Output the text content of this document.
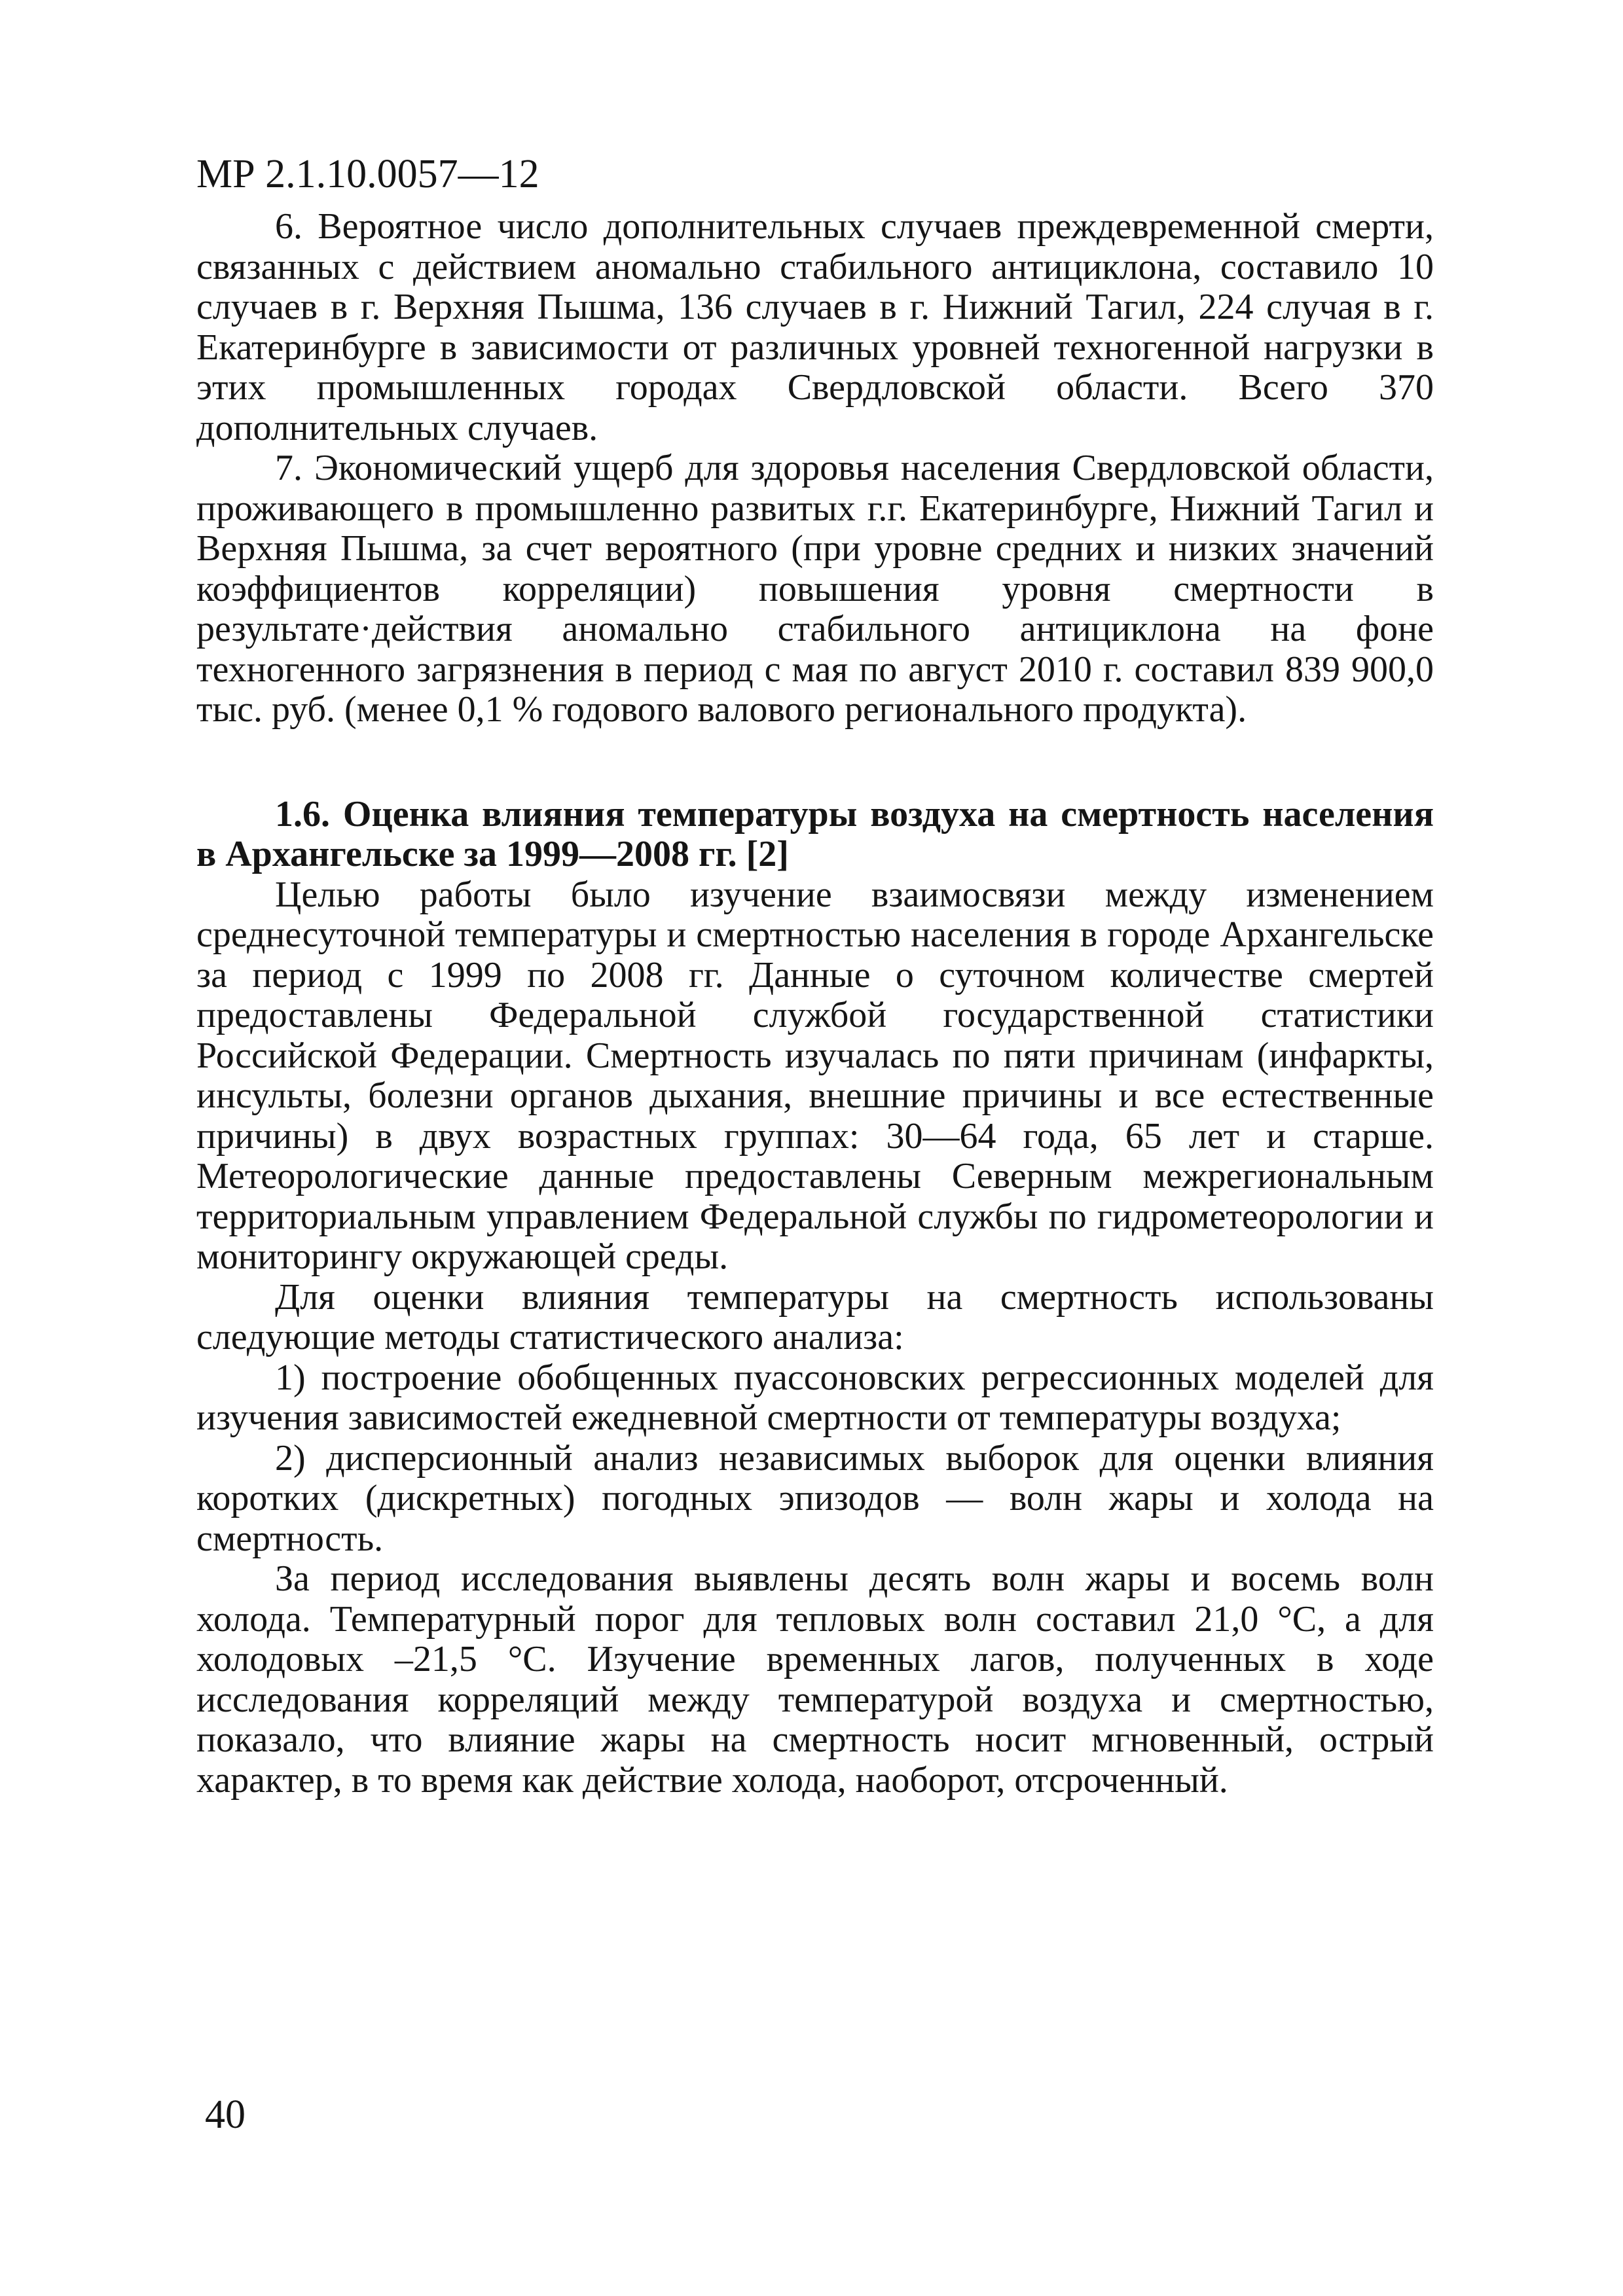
МР 2.1.10.0057—12

6. Вероятное число дополнительных случаев преждевременной смерти, связанных с действием аномально стабильного антициклона, составило 10 случаев в г. Верхняя Пышма, 136 случаев в г. Нижний Тагил, 224 случая в г. Екатеринбурге в зависимости от различных уровней техногенной нагрузки в этих промышленных городах Свердловской области. Всего 370 дополнительных случаев.

7. Экономический ущерб для здоровья населения Свердловской области, проживающего в промышленно развитых г.г. Екатеринбурге, Нижний Тагил и Верхняя Пышма, за счет вероятного (при уровне средних и низких значений коэффициентов корреляции) повышения уровня смертности в результате·действия аномально стабильного антициклона на фоне техногенного загрязнения в период с мая по август 2010 г. составил 839 900,0 тыс. руб. (менее 0,1 % годового валового регионального продукта).

1.6. Оценка влияния температуры воздуха на смертность населения в Архангельске за 1999—2008 гг. [2]

Целью работы было изучение взаимосвязи между изменением среднесуточной температуры и смертностью населения в городе Архангельске за период с 1999 по 2008 гг. Данные о суточном количестве смертей предоставлены Федеральной службой государственной статистики Российской Федерации. Смертность изучалась по пяти причинам (инфаркты, инсульты, болезни органов дыхания, внешние причины и все естественные причины) в двух возрастных группах: 30—64 года, 65 лет и старше. Метеорологические данные предоставлены Северным межрегиональным территориальным управлением Федеральной службы по гидрометеорологии и мониторингу окружающей среды.

Для оценки влияния температуры на смертность использованы следующие методы статистического анализа:

1) построение обобщенных пуассоновских регрессионных моделей для изучения зависимостей ежедневной смертности от температуры воздуха;

2) дисперсионный анализ независимых выборок для оценки влияния коротких (дискретных) погодных эпизодов — волн жары и холода на смертность.

За период исследования выявлены десять волн жары и восемь волн холода. Температурный порог для тепловых волн составил 21,0 °С, а для холодовых –21,5 °С. Изучение временных лагов, полученных в ходе исследования корреляций между температурой воздуха и смертностью, показало, что влияние жары на смертность носит мгновенный, острый характер, в то время как действие холода, наоборот, отсроченный.

40
